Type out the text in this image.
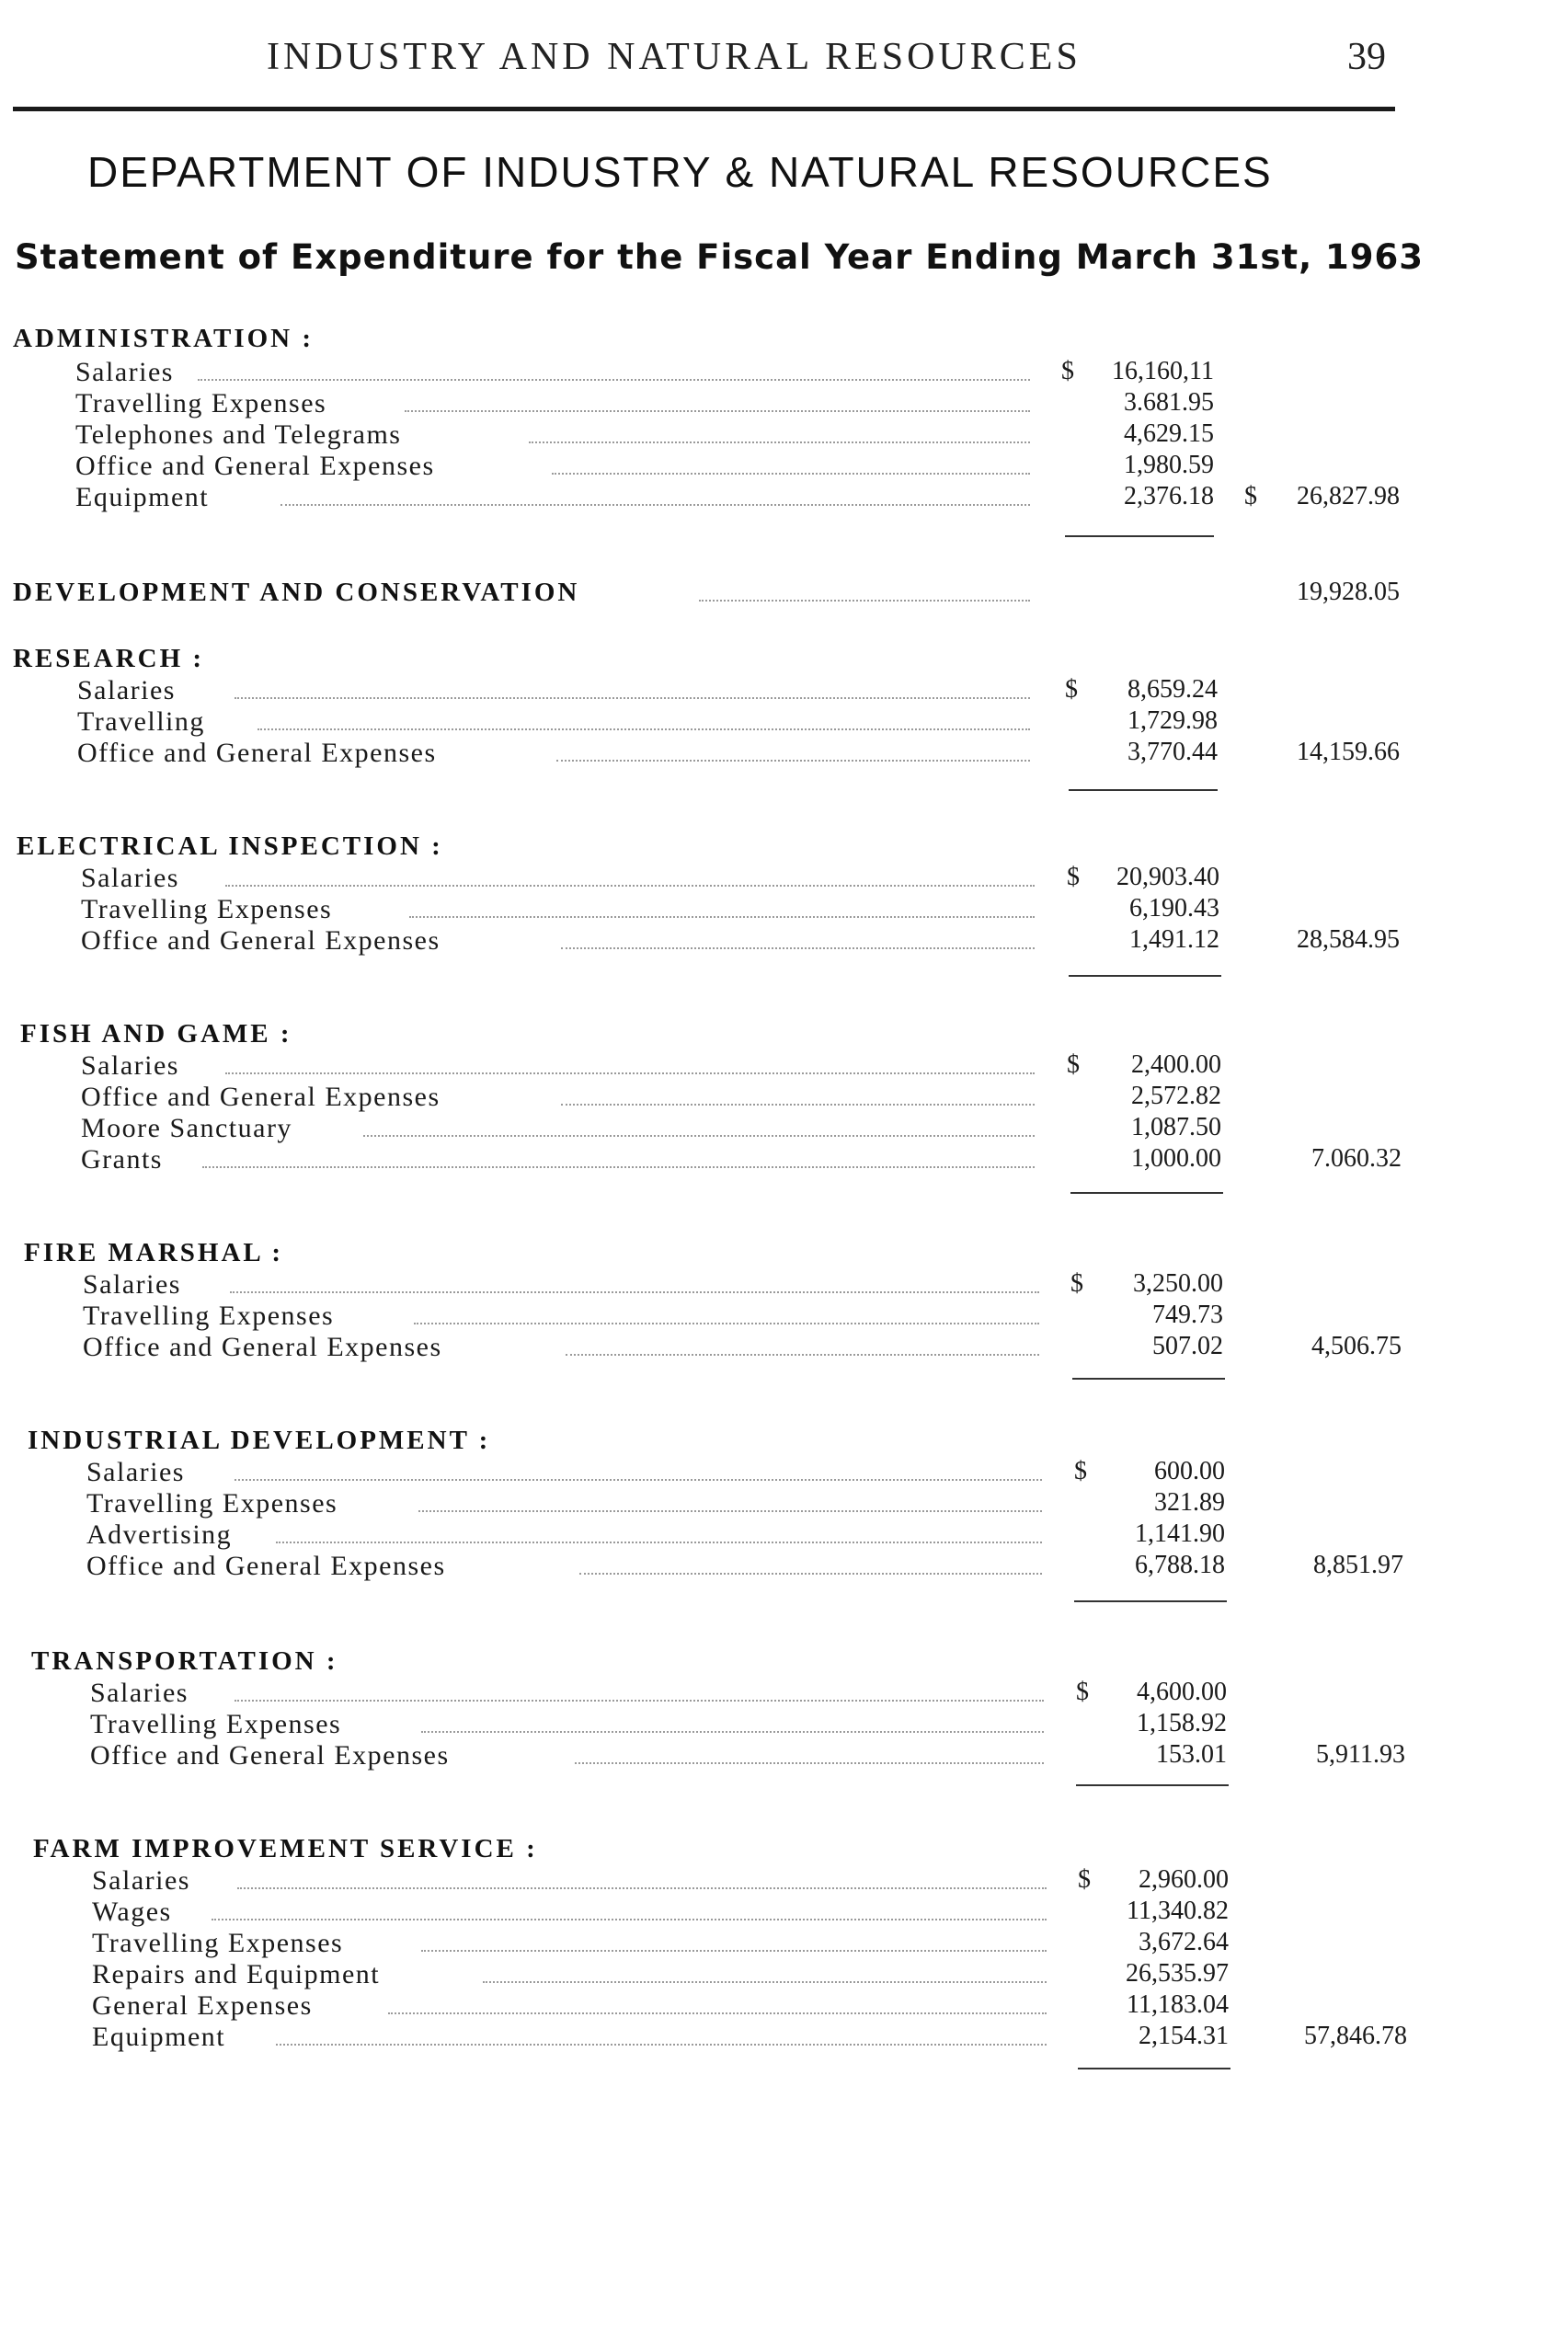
INDUSTRY AND NATURAL RESOURCES	39
DEPARTMENT OF INDUSTRY & NATURAL RESOURCES
Statement of Expenditure for the Fiscal Year Ending March 31st, 1963
ADMINISTRATION :
Salaries	$	16,160,11
Travelling Expenses	3.681.95
Telephones and Telegrams	4,629.15
Office and General Expenses	1,980.59
Equipment	2,376.18 $	26,827.98
DEVELOPMENT AND CONSERVATION	19,928.05
RESEARCH :
Salaries	$	8,659.24
Travelling	1,729.98
Office and General Expenses	3,770.44	14,159.66
ELECTRICAL INSPECTION :
Salaries	$	20,903.40
Travelling Expenses	6,190.43
Office and General Expenses	1,491.12	28,584.95
FISH AND GAME :
Salaries	$	2,400.00
Office and General Expenses	2,572.82
Moore Sanctuary	1,087.50
Grants	1,000.00	7.060.32
FIRE MARSHAL :
Salaries	$	3,250.00
Travelling Expenses	749.73
Office and General Expenses	507.02	4,506.75
INDUSTRIAL DEVELOPMENT :
Salaries	$	600.00
Travelling Expenses	321.89
Advertising	1,141.90
Office and General Expenses	6,788.18	8,851.97
TRANSPORTATION :
Salaries	$	4,600.00
Travelling Expenses	1,158.92
Office and General Expenses	153.01	5,911.93
FARM IMPROVEMENT SERVICE :
Salaries	$	2,960.00
Wages	11,340.82
Travelling Expenses	3,672.64
Repairs and Equipment	26,535.97
General Expenses	11,183.04
Equipment	2,154.31	57,846.78
